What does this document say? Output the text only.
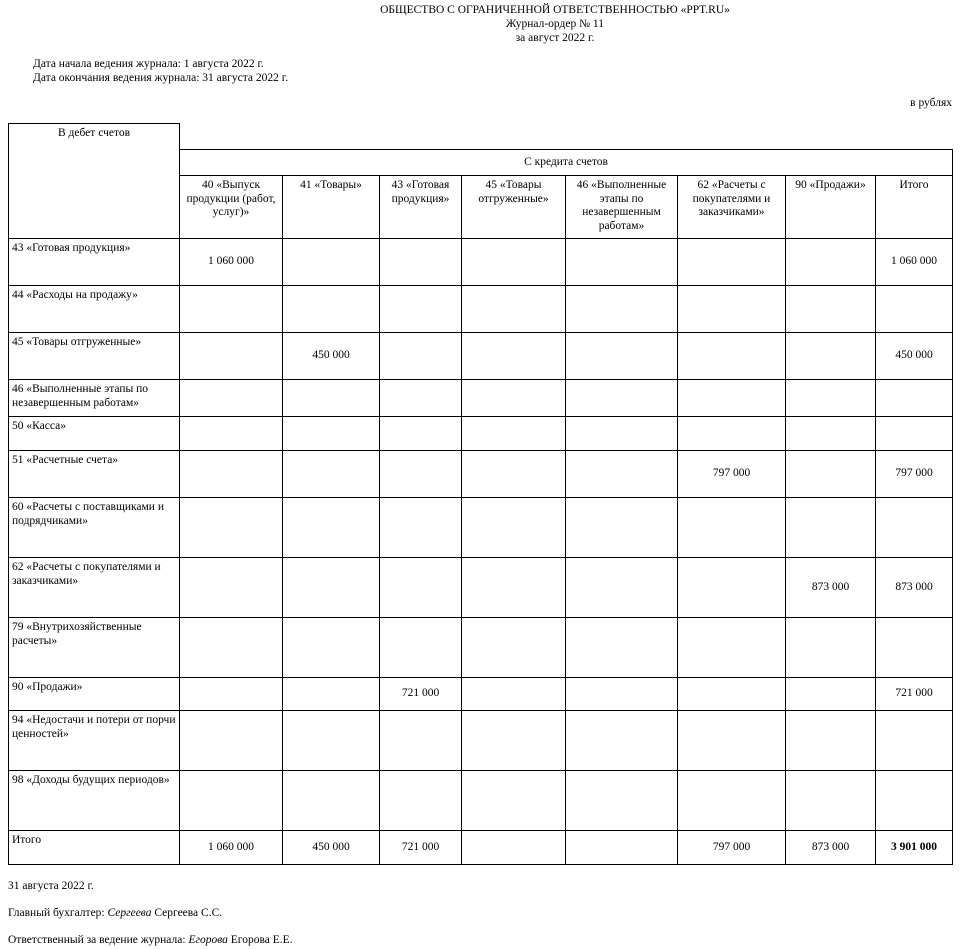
ОБЩЕСТВО С ОГРАНИЧЕННОЙ ОТВЕТСТВЕННОСТЬЮ «PPT.RU»
Журнал-ордер № 11
за август 2022 г.
Дата начала ведения журнала: 1 августа 2022 г.
Дата окончания ведения журнала: 31 августа 2022 г.
в рублях
В дебет счетов								
	С кредита счетов							
	40 «Выпуск продукции (работ, услуг)»	41 «Товары»	43 «Готовая продукция»	45 «Товары отгруженные»	46 «Выполненные этапы по незавершенным работам»	62 «Расчеты с покупателями и заказчиками»	90 «Продажи»	Итого
43 «Готовая продукция»	1 060 000							1 060 000
44 «Расходы на продажу»								
45 «Товары отгруженные»		450 000						450 000
46 «Выполненные этапы по незавершенным работам»								
50 «Касса»								
51 «Расчетные счета»						797 000		797 000
60 «Расчеты с поставщиками и подрядчиками»								
62 «Расчеты с покупателями и заказчиками»							873 000	873 000
79 «Внутрихозяйственные расчеты»								
90 «Продажи»			721 000					721 000
94 «Недостачи и потери от порчи ценностей»								
98 «Доходы будущих периодов»								
Итого	1 060 000	450 000	721 000			797 000	873 000	3 901 000
31 августа 2022 г.
Главный бухгалтер: Сергеева Сергеева С.С.
Ответственный за ведение журнала: Егорова Егорова Е.Е.
